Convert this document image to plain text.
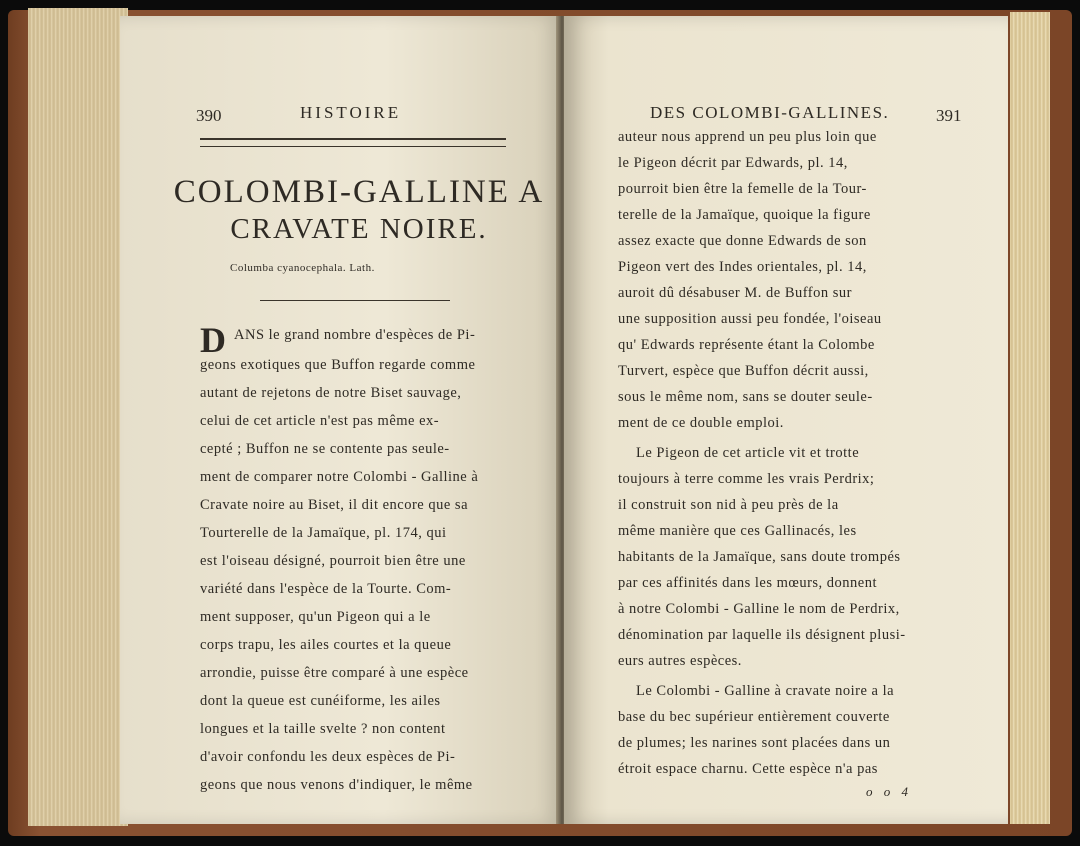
390	HISTOIRE
COLOMBI-GALLINE A
CRAVATE NOIRE.
Columba cyanocephala. Lath.
D ANS le grand nombre d'espèces de Pi-
geons exotiques que Buffon regarde comme
autant de rejetons de notre Biset sauvage,
celui de cet article n'est pas même ex-
cepté ; Buffon ne se contente pas seule-
ment de comparer notre Colombi - Galline à
Cravate noire au Biset, il dit encore que sa
Tourterelle de la Jamaïque, pl. 174, qui
est l'oiseau désigné, pourroit bien être une
variété dans l'espèce de la Tourte. Com-
ment supposer, qu'un Pigeon qui a le
corps trapu, les ailes courtes et la queue
arrondie, puisse être comparé à une espèce
dont la queue est cunéiforme, les ailes
longues et la taille svelte ? non content
d'avoir confondu les deux espèces de Pi-
geons que nous venons d'indiquer, le même
DES COLOMBI-GALLINES.	391
auteur nous apprend un peu plus loin que
le Pigeon décrit par Edwards, pl. 14,
pourroit bien être la femelle de la Tour-
terelle de la Jamaïque, quoique la figure
assez exacte que donne Edwards de son
Pigeon vert des Indes orientales, pl. 14,
auroit dû désabuser M. de Buffon sur
une supposition aussi peu fondée, l'oiseau
qu' Edwards représente étant la Colombe
Turvert, espèce que Buffon décrit aussi,
sous le même nom, sans se douter seule-
ment de ce double emploi.
Le Pigeon de cet article vit et trotte
toujours à terre comme les vrais Perdrix;
il construit son nid à peu près de la
même manière que ces Gallinacés, les
habitants de la Jamaïque, sans doute trompés
par ces affinités dans les mœurs, donnent
à notre Colombi - Galline le nom de Perdrix,
dénomination par laquelle ils désignent plusi-
eurs autres espèces.
Le Colombi - Galline à cravate noire a la
base du bec supérieur entièrement couverte
de plumes; les narines sont placées dans un
étroit espace charnu. Cette espèce n'a pas
o o 4
